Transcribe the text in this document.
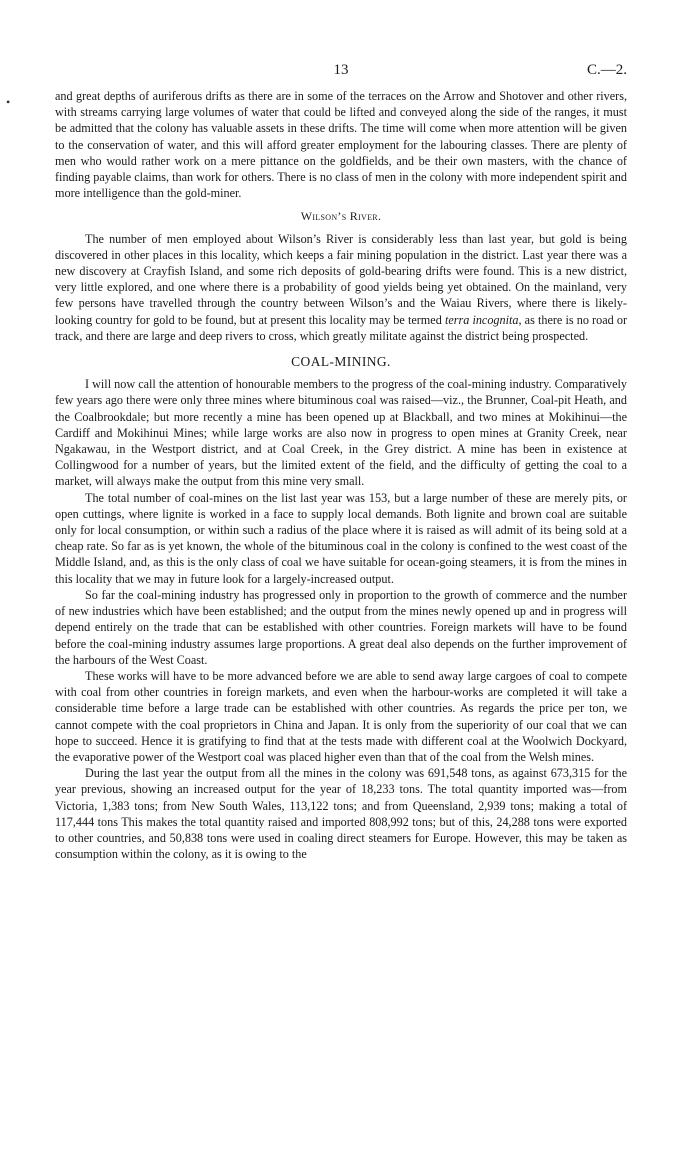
13	C.—2.

and great depths of auriferous drifts as there are in some of the terraces on the Arrow and Shotover and other rivers, with streams carrying large volumes of water that could be lifted and conveyed along the side of the ranges, it must be admitted that the colony has valuable assets in these drifts. The time will come when more attention will be given to the conservation of water, and this will afford greater employment for the labouring classes. There are plenty of men who would rather work on a mere pittance on the goldfields, and be their own masters, with the chance of finding payable claims, than work for others. There is no class of men in the colony with more independent spirit and more intelligence than the gold-miner.

Wilson’s River.

The number of men employed about Wilson’s River is considerably less than last year, but gold is being discovered in other places in this locality, which keeps a fair mining population in the district. Last year there was a new discovery at Crayfish Island, and some rich deposits of gold-bearing drifts were found. This is a new district, very little explored, and one where there is a probability of good yields being yet obtained. On the mainland, very few persons have travelled through the country between Wilson’s and the Waiau Rivers, where there is likely-looking country for gold to be found, but at present this locality may be termed terra incognita, as there is no road or track, and there are large and deep rivers to cross, which greatly militate against the district being prospected.

COAL-MINING.

I will now call the attention of honourable members to the progress of the coal-mining industry. Comparatively few years ago there were only three mines where bituminous coal was raised—viz., the Brunner, Coal-pit Heath, and the Coalbrookdale; but more recently a mine has been opened up at Blackball, and two mines at Mokihinui—the Cardiff and Mokihinui Mines; while large works are also now in progress to open mines at Granity Creek, near Ngakawau, in the Westport district, and at Coal Creek, in the Grey district. A mine has been in existence at Collingwood for a number of years, but the limited extent of the field, and the difficulty of getting the coal to a market, will always make the output from this mine very small.

The total number of coal-mines on the list last year was 153, but a large number of these are merely pits, or open cuttings, where lignite is worked in a face to supply local demands. Both lignite and brown coal are suitable only for local consumption, or within such a radius of the place where it is raised as will admit of its being sold at a cheap rate. So far as is yet known, the whole of the bituminous coal in the colony is confined to the west coast of the Middle Island, and, as this is the only class of coal we have suitable for ocean-going steamers, it is from the mines in this locality that we may in future look for a largely-increased output.

So far the coal-mining industry has progressed only in proportion to the growth of commerce and the number of new industries which have been established; and the output from the mines newly opened up and in progress will depend entirely on the trade that can be established with other countries. Foreign markets will have to be found before the coal-mining industry assumes large proportions. A great deal also depends on the further improvement of the harbours of the West Coast.

These works will have to be more advanced before we are able to send away large cargoes of coal to compete with coal from other countries in foreign markets, and even when the harbour-works are completed it will take a considerable time before a large trade can be established with other countries. As regards the price per ton, we cannot compete with the coal proprietors in China and Japan. It is only from the superiority of our coal that we can hope to succeed. Hence it is gratifying to find that at the tests made with different coal at the Woolwich Dockyard, the evaporative power of the Westport coal was placed higher even than that of the coal from the Welsh mines.

During the last year the output from all the mines in the colony was 691,548 tons, as against 673,315 for the year previous, showing an increased output for the year of 18,233 tons. The total quantity imported was—from Victoria, 1,383 tons; from New South Wales, 113,122 tons; and from Queensland, 2,939 tons; making a total of 117,444 tons This makes the total quantity raised and imported 808,992 tons; but of this, 24,288 tons were exported to other countries, and 50,838 tons were used in coaling direct steamers for Europe. However, this may be taken as consumption within the colony, as it is owing to the

•
